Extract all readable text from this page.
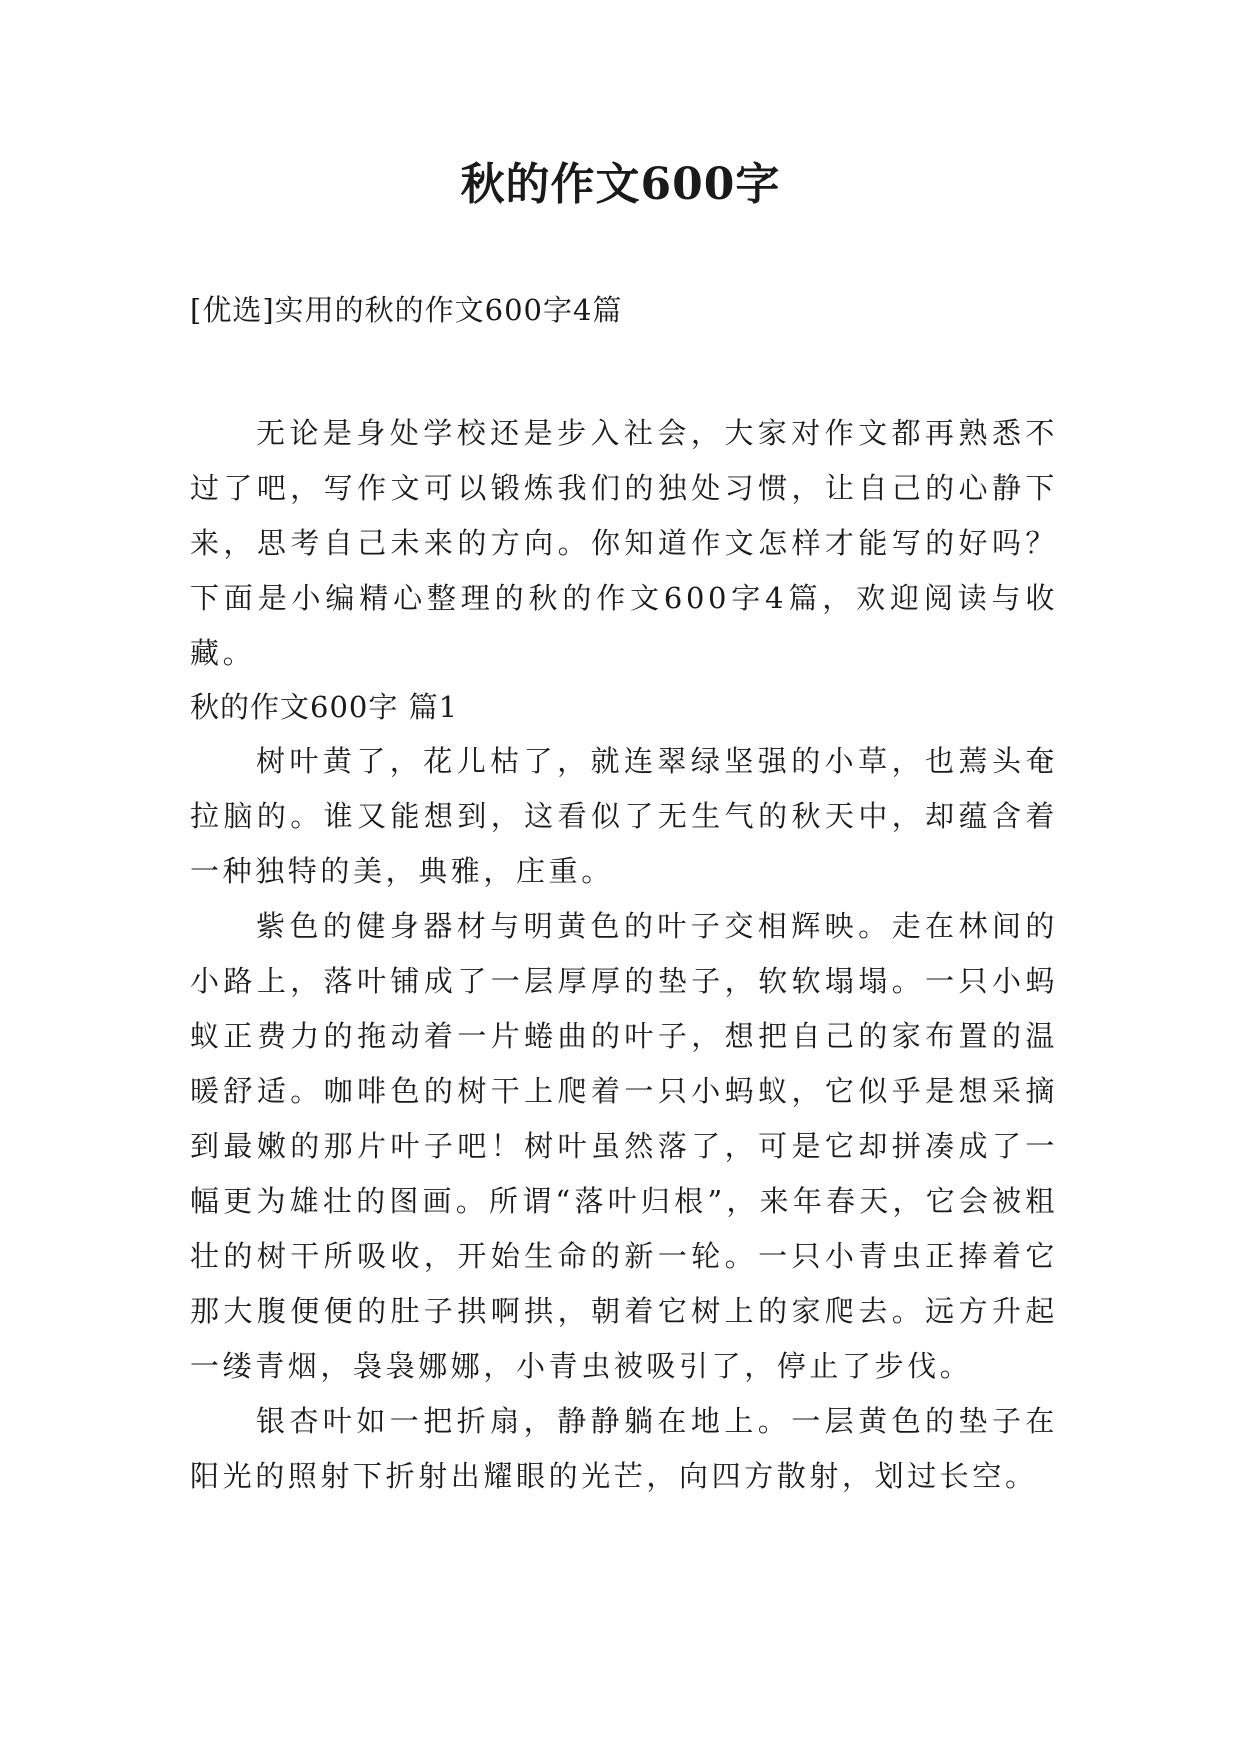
秋的作文600字
[优选]实用的秋的作文600字4篇

无论是身处学校还是步入社会，大家对作文都再熟悉不过了吧，写作文可以锻炼我们的独处习惯，让自己的心静下来，思考自己未来的方向。你知道作文怎样才能写的好吗？下面是小编精心整理的秋的作文600字4篇，欢迎阅读与收藏。

秋的作文600字 篇1

树叶黄了，花儿枯了，就连翠绿坚强的小草，也蔫头奄拉脑的。谁又能想到，这看似了无生气的秋天中，却蕴含着一种独特的美，典雅，庄重。

紫色的健身器材与明黄色的叶子交相辉映。走在林间的小路上，落叶铺成了一层厚厚的垫子，软软塌塌。一只小蚂蚁正费力的拖动着一片蜷曲的叶子，想把自己的家布置的温暖舒适。咖啡色的树干上爬着一只小蚂蚁，它似乎是想采摘到最嫩的那片叶子吧！树叶虽然落了，可是它却拼凑成了一幅更为雄壮的图画。所谓“落叶归根”，来年春天，它会被粗壮的树干所吸收，开始生命的新一轮。一只小青虫正捧着它那大腹便便的肚子拱啊拱，朝着它树上的家爬去。远方升起一缕青烟，袅袅娜娜，小青虫被吸引了，停止了步伐。

银杏叶如一把折扇，静静躺在地上。一层黄色的垫子在阳光的照射下折射出耀眼的光芒，向四方散射，划过长空。
